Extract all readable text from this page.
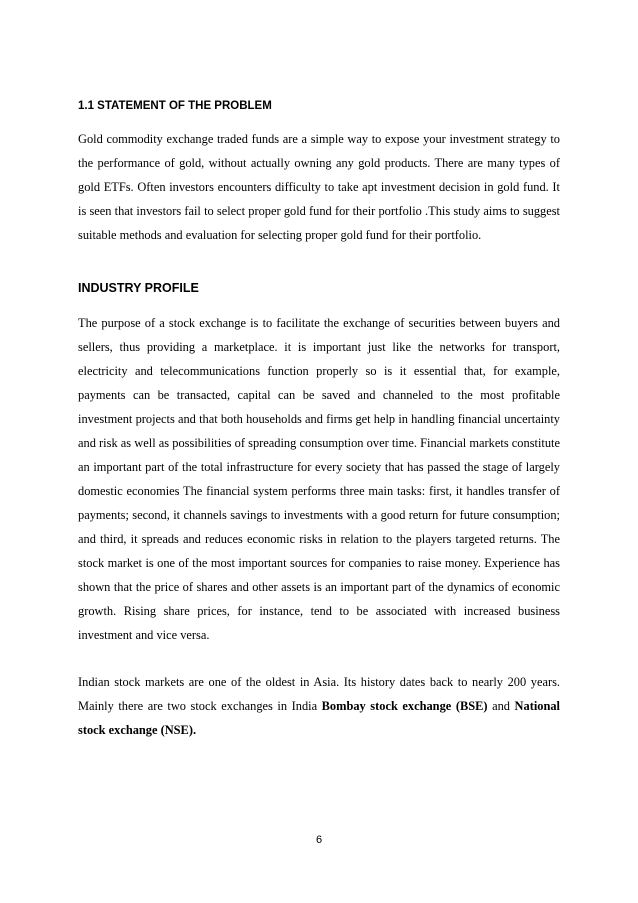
1.1 STATEMENT OF THE PROBLEM

Gold commodity exchange traded funds are a simple way to expose your investment strategy to the performance of gold, without actually owning any gold products. There are many types of gold ETFs. Often investors encounters difficulty to take apt investment decision in gold fund. It is seen that investors fail to select proper gold fund for their portfolio .This study aims to suggest suitable methods and evaluation for selecting proper gold fund for their portfolio.

INDUSTRY PROFILE

The purpose of a stock exchange is to facilitate the exchange of securities between buyers and sellers, thus providing a marketplace. it is important just like the networks for transport, electricity and telecommunications function properly so is it essential that, for example, payments can be transacted, capital can be saved and channeled to the most profitable investment projects and that both households and firms get help in handling financial uncertainty and risk as well as possibilities of spreading consumption over time. Financial markets constitute an important part of the total infrastructure for every society that has passed the stage of largely domestic economies The financial system performs three main tasks: first, it handles transfer of payments; second, it channels savings to investments with a good return for future consumption; and third, it spreads and reduces economic risks in relation to the players targeted returns. The stock market is one of the most important sources for companies to raise money. Experience has shown that the price of shares and other assets is an important part of the dynamics of economic growth. Rising share prices, for instance, tend to be associated with increased business investment and vice versa.

Indian stock markets are one of the oldest in Asia. Its history dates back to nearly 200 years. Mainly there are two stock exchanges in India Bombay stock exchange (BSE) and National stock exchange (NSE).

6
